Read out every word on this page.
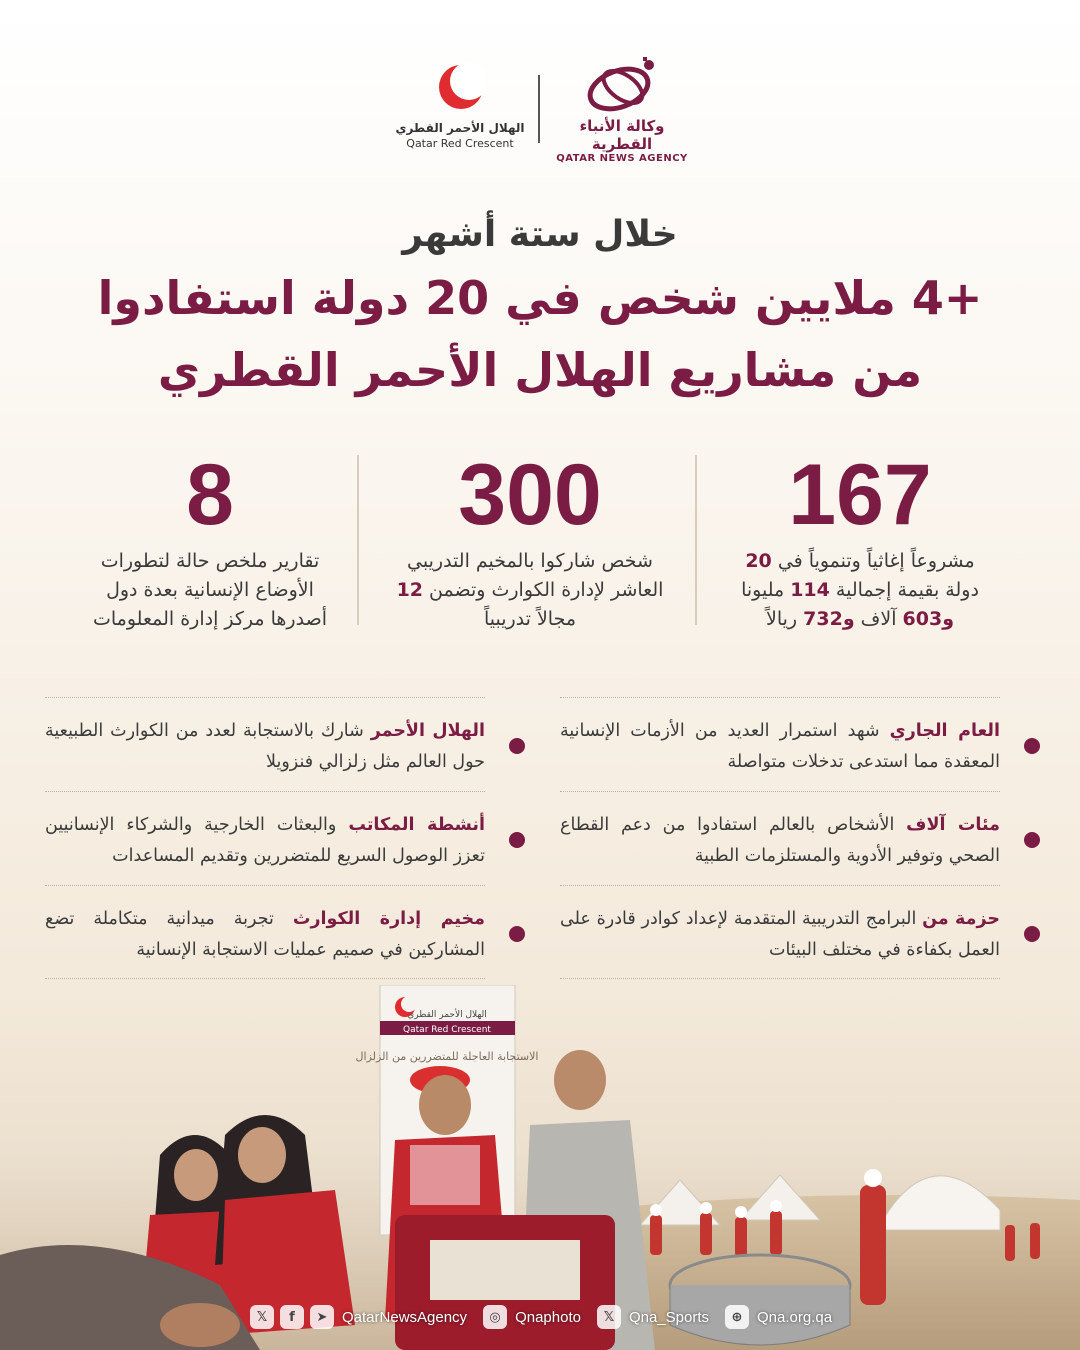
الهلال الأحمر القطري
Qatar Red Crescent
وكالة الأنباء القطرية
QATAR NEWS AGENCY
خلال ستة أشهر
+4 ملايين شخص في 20 دولة استفادوا
من مشاريع الهلال الأحمر القطري
167
مشروعاً إغاثياً وتنموياً في 20
دولة بقيمة إجمالية 114 مليونا
و603 آلاف و732 ريالاً
300
شخص شاركوا بالمخيم التدريبي
العاشر لإدارة الكوارث وتضمن 12
مجالاً تدريبياً
8
تقارير ملخص حالة لتطورات
الأوضاع الإنسانية بعدة دول
أصدرها مركز إدارة المعلومات
العام الجاري شهد استمرار العديد من الأزمات الإنسانية المعقدة مما استدعى تدخلات متواصلة
مئات آلاف الأشخاص بالعالم استفادوا من دعم القطاع الصحي وتوفير الأدوية والمستلزمات الطبية
حزمة من البرامج التدريبية المتقدمة لإعداد كوادر قادرة على العمل بكفاءة في مختلف البيئات
الهلال الأحمر شارك بالاستجابة لعدد من الكوارث الطبيعية حول العالم مثل زلزالي فنزويلا
أنشطة المكاتب والبعثات الخارجية والشركاء الإنسانيين تعزز الوصول السريع للمتضررين وتقديم المساعدات
مخيم إدارة الكوارث تجربة ميدانية متكاملة تضع المشاركين في صميم عمليات الاستجابة الإنسانية
الهلال الأحمر القطري
Qatar Red Crescent
الاستجابة العاجلة للمتضررين من الزلزال
𝕏	f	➤ QatarNewsAgency	◎ Qnaphoto	𝕏 Qna_Sports	⊕ Qna.org.qa
